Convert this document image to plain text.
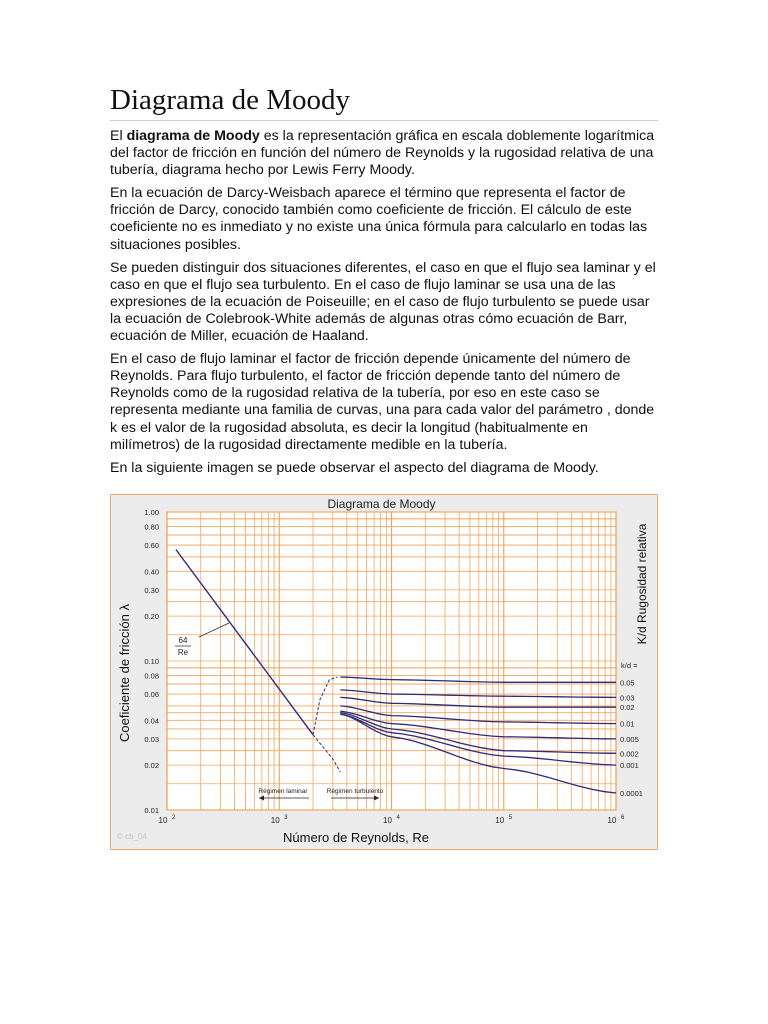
Diagrama de Moody

El diagrama de Moody es la representación gráfica en escala doblemente logarítmica del factor de fricción en función del número de Reynolds y la rugosidad relativa de una tubería, diagrama hecho por Lewis Ferry Moody.

En la ecuación de Darcy-Weisbach aparece el término que representa el factor de fricción de Darcy, conocido también como coeficiente de fricción. El cálculo de este coeficiente no es inmediato y no existe una única fórmula para calcularlo en todas las situaciones posibles.

Se pueden distinguir dos situaciones diferentes, el caso en que el flujo sea laminar y el caso en que el flujo sea turbulento. En el caso de flujo laminar se usa una de las expresiones de la ecuación de Poiseuille; en el caso de flujo turbulento se puede usar la ecuación de Colebrook-White además de algunas otras cómo ecuación de Barr, ecuación de Miller, ecuación de Haaland.

En el caso de flujo laminar el factor de fricción depende únicamente del número de Reynolds. Para flujo turbulento, el factor de fricción depende tanto del número de Reynolds como de la rugosidad relativa de la tubería, por eso en este caso se representa mediante una familia de curvas, una para cada valor del parámetro , donde k es el valor de la rugosidad absoluta, es decir la longitud (habitualmente en milímetros) de la rugosidad directamente medible en la tubería.

En la siguiente imagen se puede observar el aspecto del diagrama de Moody.

Diagrama de Moody
1.00
0.80
0.60
0.40
0.30
0.20
0.10
0.08
0.06
0.04
0.03
0.02
0.01
10 2	10 3	10 4	10 5	10 6
Número de Reynolds, Re
Coeficiente de fricción λ
K/d Rugosidad relativa
64
Re
k/d =
0.05
0.03
0.02
0.01
0.005
0.002
0.001
0.0001
Régimen laminar	Régimen turbulento
© cb_04
